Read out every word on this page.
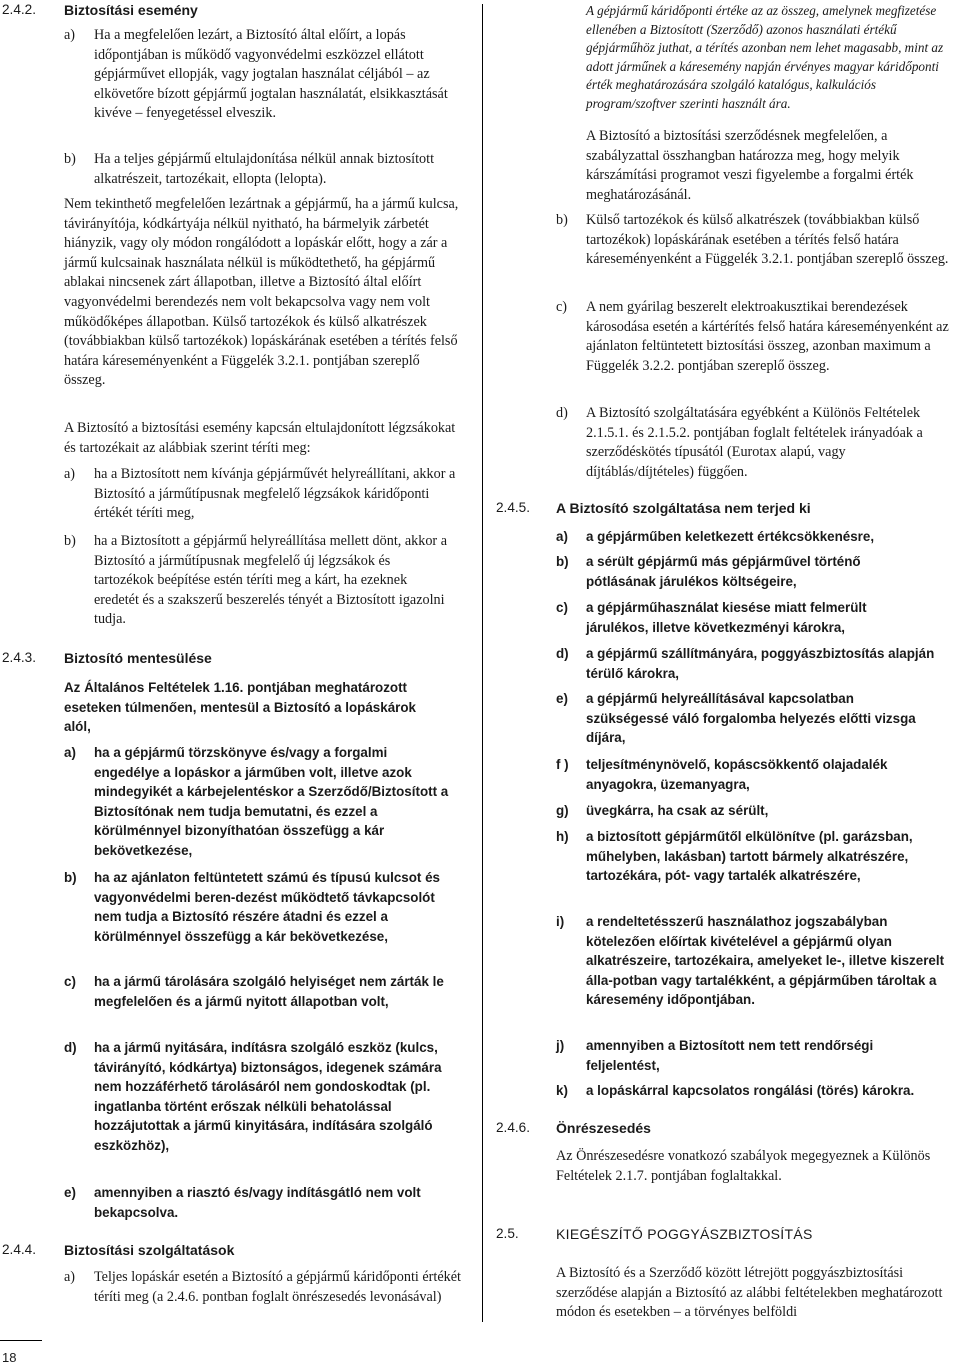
18
2.4.2. Biztosítási esemény
a) Ha a megfelelően lezárt, a Biztosító által előírt, a lopás időpontjában is működő vagyonvédelmi eszközzel ellátott gépjárművet ellopják, vagy jogtalan használat céljából – az elkövetőre bízott gépjármű jogtalan használatát, elsikkasztását kivéve – fenyegetéssel elveszik.

b) Ha a teljes gépjármű eltulajdonítása nélkül annak biztosított alkatrészeit, tartozékait, ellopta (lelopta).

Nem tekinthető megfelelően lezártnak a gépjármű, ha a jármű kulcsa, távirányítója, kódkártyája nélkül nyitható, ha bármelyik zárbetét hiányzik, vagy oly módon rongálódott a lopáskár előtt, hogy a zár a jármű kulcsainak használata nélkül is működtethető, ha gépjármű ablakai nincsenek zárt állapotban, illetve a Biztosító által előírt vagyonvédelmi berendezés nem volt bekapcsolva vagy nem volt működőképes állapotban. Külső tartozékok és külső alkatrészek (továbbiakban külső tartozékok) lopáskárának esetében a térítés felső határa káreseményenként a Függelék 3.2.1. pontjában szereplő összeg.

A Biztosító a biztosítási esemény kapcsán eltulajdonított légzsákokat és tartozékait az alábbiak szerint téríti meg:

a) ha a Biztosított nem kívánja gépjárművét helyreállítani, akkor a Biztosító a járműtípusnak megfelelő légzsákok káridőponti értékét téríti meg,

b) ha a Biztosított a gépjármű helyreállítása mellett dönt, akkor a Biztosító a járműtípusnak megfelelő új légzsákok és tartozékok beépítése estén téríti meg a kárt, ha ezeknek eredetét és a szakszerű beszerelés tényét a Biztosított igazolni tudja.

2.4.3. Biztosító mentesülése

Az Általános Feltételek 1.16. pontjában meghatározott eseteken túlmenően, mentesül a Biztosító a lopáskárok alól,

a) ha a gépjármű törzskönyve és/vagy a forgalmi engedélye a lopáskor a járműben volt, illetve azok mindegyikét a kárbejelentéskor a Szerződő/Biztosított a Biztosítónak nem tudja bemutatni, és ezzel a körülménnyel bizonyíthatóan összefügg a kár bekövetkezése,

b) ha az ajánlaton feltüntetett számú és típusú kulcsot és vagyonvédelmi beren-dezést működtető távkapcsolót nem tudja a Biztosító részére átadni és ezzel a körülménnyel összefügg a kár bekövetkezése,

c) ha a jármű tárolására szolgáló helyiséget nem zárták le megfelelően és a jármű nyitott állapotban volt,

d) ha a jármű nyitására, indításra szolgáló eszköz (kulcs, távirányító, kódkártya) biztonságos, idegenek számára nem hozzáférhető tárolásáról nem gondoskodtak (pl. ingatlanba történt erőszak nélküli behatolással hozzájutottak a jármű kinyitására, indítására szolgáló eszközhöz),

e) amennyiben a riasztó és/vagy indításgátló nem volt bekapcsolva.

2.4.4. Biztosítási szolgáltatások
a) Teljes lopáskár esetén a Biztosító a gépjármű káridőponti értékét téríti meg (a 2.4.6. pontban foglalt önrészesedés levonásával)

A gépjármű káridőponti értéke az az összeg, amelynek megfizetése ellenében a Biztosított (Szerződő) azonos használati értékű gépjárműhöz juthat, a térítés azonban nem lehet magasabb, mint az adott járműnek a káresemény napján érvényes magyar káridőponti érték meghatározására szolgáló katalógus, kalkulációs program/szoftver szerinti használt ára.

A Biztosító a biztosítási szerződésnek megfelelően, a szabályzattal összhangban határozza meg, hogy melyik kárszámítási programot veszi figyelembe a forgalmi érték meghatározásánál.

b) Külső tartozékok és külső alkatrészek (továbbiakban külső tartozékok) lopáskárának esetében a térítés felső határa káreseményenként a Függelék 3.2.1. pontjában szereplő összeg.

c) A nem gyárilag beszerelt elektroakusztikai berendezések károsodása esetén a kártérítés felső határa káreseményenként az ajánlaton feltüntetett biztosítási összeg, azonban maximum a Függelék 3.2.2. pontjában szereplő összeg.

d) A Biztosító szolgáltatására egyébként a Különös Feltételek 2.1.5.1. és 2.1.5.2. pontjában foglalt feltételek irányadóak a szerződéskötés típusától (Eurotax alapú, vagy díjtáblás/díjtételes) függően.

2.4.5. A Biztosító szolgáltatása nem terjed ki
a) a gépjárműben keletkezett értékcsökkenésre,

b) a sérült gépjármű más gépjárművel történő pótlásának járulékos költségeire,

c) a gépjárműhasználat kiesése miatt felmerült járulékos, illetve következményi károkra,

d) a gépjármű szállítmányára, poggyászbiztosítás alapján térülő károkra,

e) a gépjármű helyreállításával kapcsolatban szükségessé váló forgalomba helyezés előtti vizsga díjára,

f ) teljesítménynövelő, kopáscsökkentő olajadalék anyagokra, üzemanyagra,

g) üvegkárra, ha csak az sérült,

h) a biztosított gépjárműtől elkülönítve (pl. garázsban, műhelyben, lakásban) tartott bármely alkatrészére, tartozékára, pót- vagy tartalék alkatrészére,

i) a rendeltetésszerű használathoz jogszabályban kötelezően előírtak kivételével a gépjármű olyan alkatrészeire, tartozékaira, amelyeket le-, illetve kiszerelt álla-potban vagy tartalékként, a gépjárműben tároltak a káresemény időpontjában.

j) amennyiben a Biztosított nem tett rendőrségi feljelentést,

k) a lopáskárral kapcsolatos rongálási (törés) károkra.

2.4.6. Önrészesedés

Az Önrészesedésre vonatkozó szabályok megegyeznek a Különös Feltételek 2.1.7. pontjában foglaltakkal.

2.5.	KIEGÉSZÍTŐ POGGYÁSZBIZTOSÍTÁS

A Biztosító és a Szerződő között létrejött poggyászbiztosítási szerződése alapján a Biztosító az alábbi feltételekben meghatározott módon és esetekben – a törvényes belföldi
